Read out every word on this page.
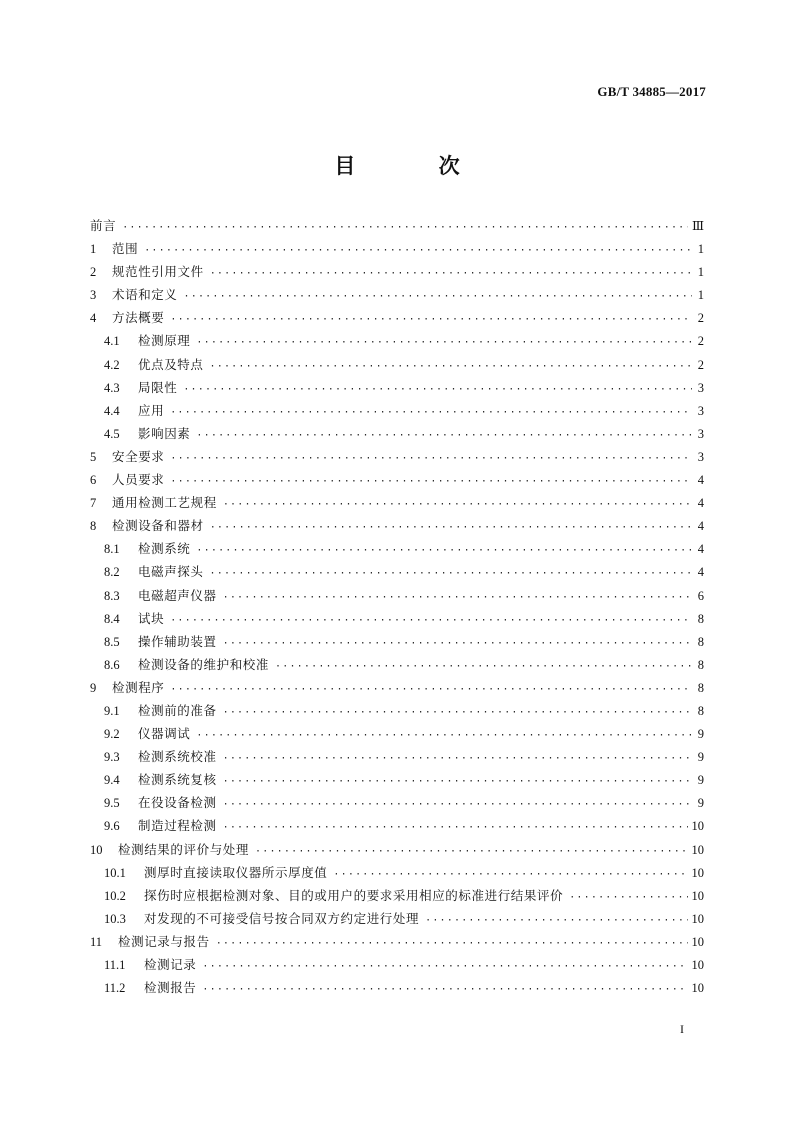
GB/T 34885—2017
目 次
前言 ·····	Ⅲ
1	范围 ·····	1
2	规范性引用文件 ·····	1
3	术语和定义 ·····	1
4	方法概要 ·····	2
4.1	检测原理 ·····	2
4.2	优点及特点 ·····	2
4.3	局限性 ·····	3
4.4	应用 ·····	3
4.5	影响因素 ·····	3
5	安全要求 ·····	3
6	人员要求 ·····	4
7	通用检测工艺规程 ·····	4
8	检测设备和器材 ·····	4
8.1	检测系统 ·····	4
8.2	电磁声探头 ·····	4
8.3	电磁超声仪器 ·····	6
8.4	试块 ·····	8
8.5	操作辅助装置 ·····	8
8.6	检测设备的维护和校准 ·····	8
9	检测程序 ·····	8
9.1	检测前的准备 ·····	8
9.2	仪器调试 ·····	9
9.3	检测系统校准 ·····	9
9.4	检测系统复核 ·····	9
9.5	在役设备检测 ·····	9
9.6	制造过程检测 ·····	10
10	检测结果的评价与处理 ·····	10
10.1	测厚时直接读取仪器所示厚度值 ·····	10
10.2	探伤时应根据检测对象、目的或用户的要求采用相应的标准进行结果评价 ·····	10
10.3	对发现的不可接受信号按合同双方约定进行处理 ·····	10
11	检测记录与报告 ·····	10
11.1	检测记录 ·····	10
11.2	检测报告 ·····	10
I
